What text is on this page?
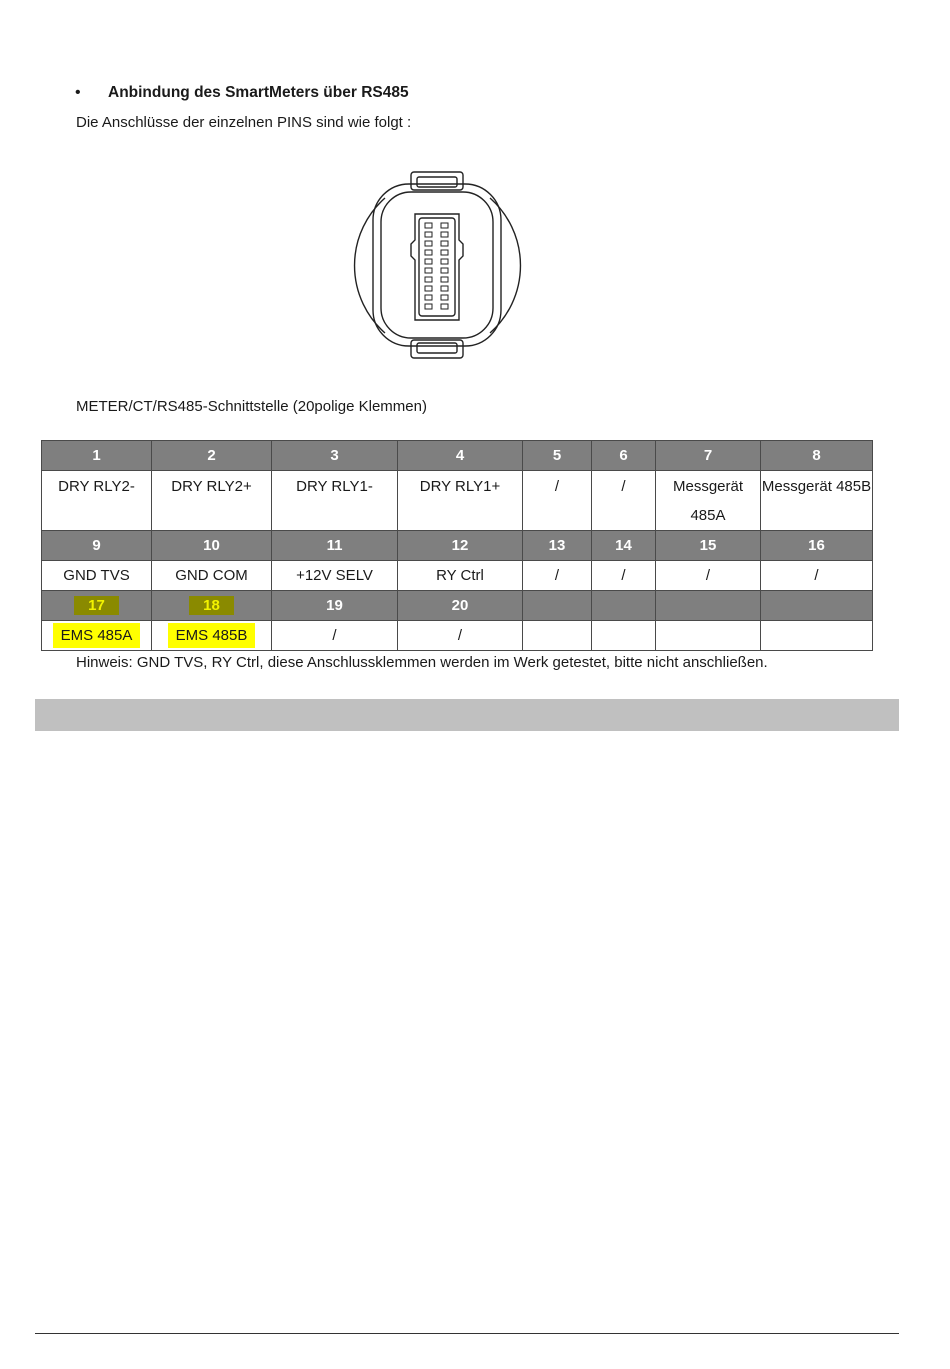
•	Anbindung des SmartMeters über RS485
Die Anschlüsse der einzelnen PINS sind wie folgt :
METER/CT/RS485-Schnittstelle (20polige Klemmen)
1	2	3	4	5	6	7	8
DRY RLY2-	DRY RLY2+	DRY RLY1-	DRY RLY1+	/	/	Messgerät 485A	Messgerät 485B
9	10	11	12	13	14	15	16
GND TVS	GND COM	+12V SELV	RY Ctrl	/	/	/	/
17	18	19	20				
EMS 485A	EMS 485B	/	/				
Hinweis: GND TVS, RY Ctrl, diese Anschlussklemmen werden im Werk getestet, bitte nicht anschließen.
